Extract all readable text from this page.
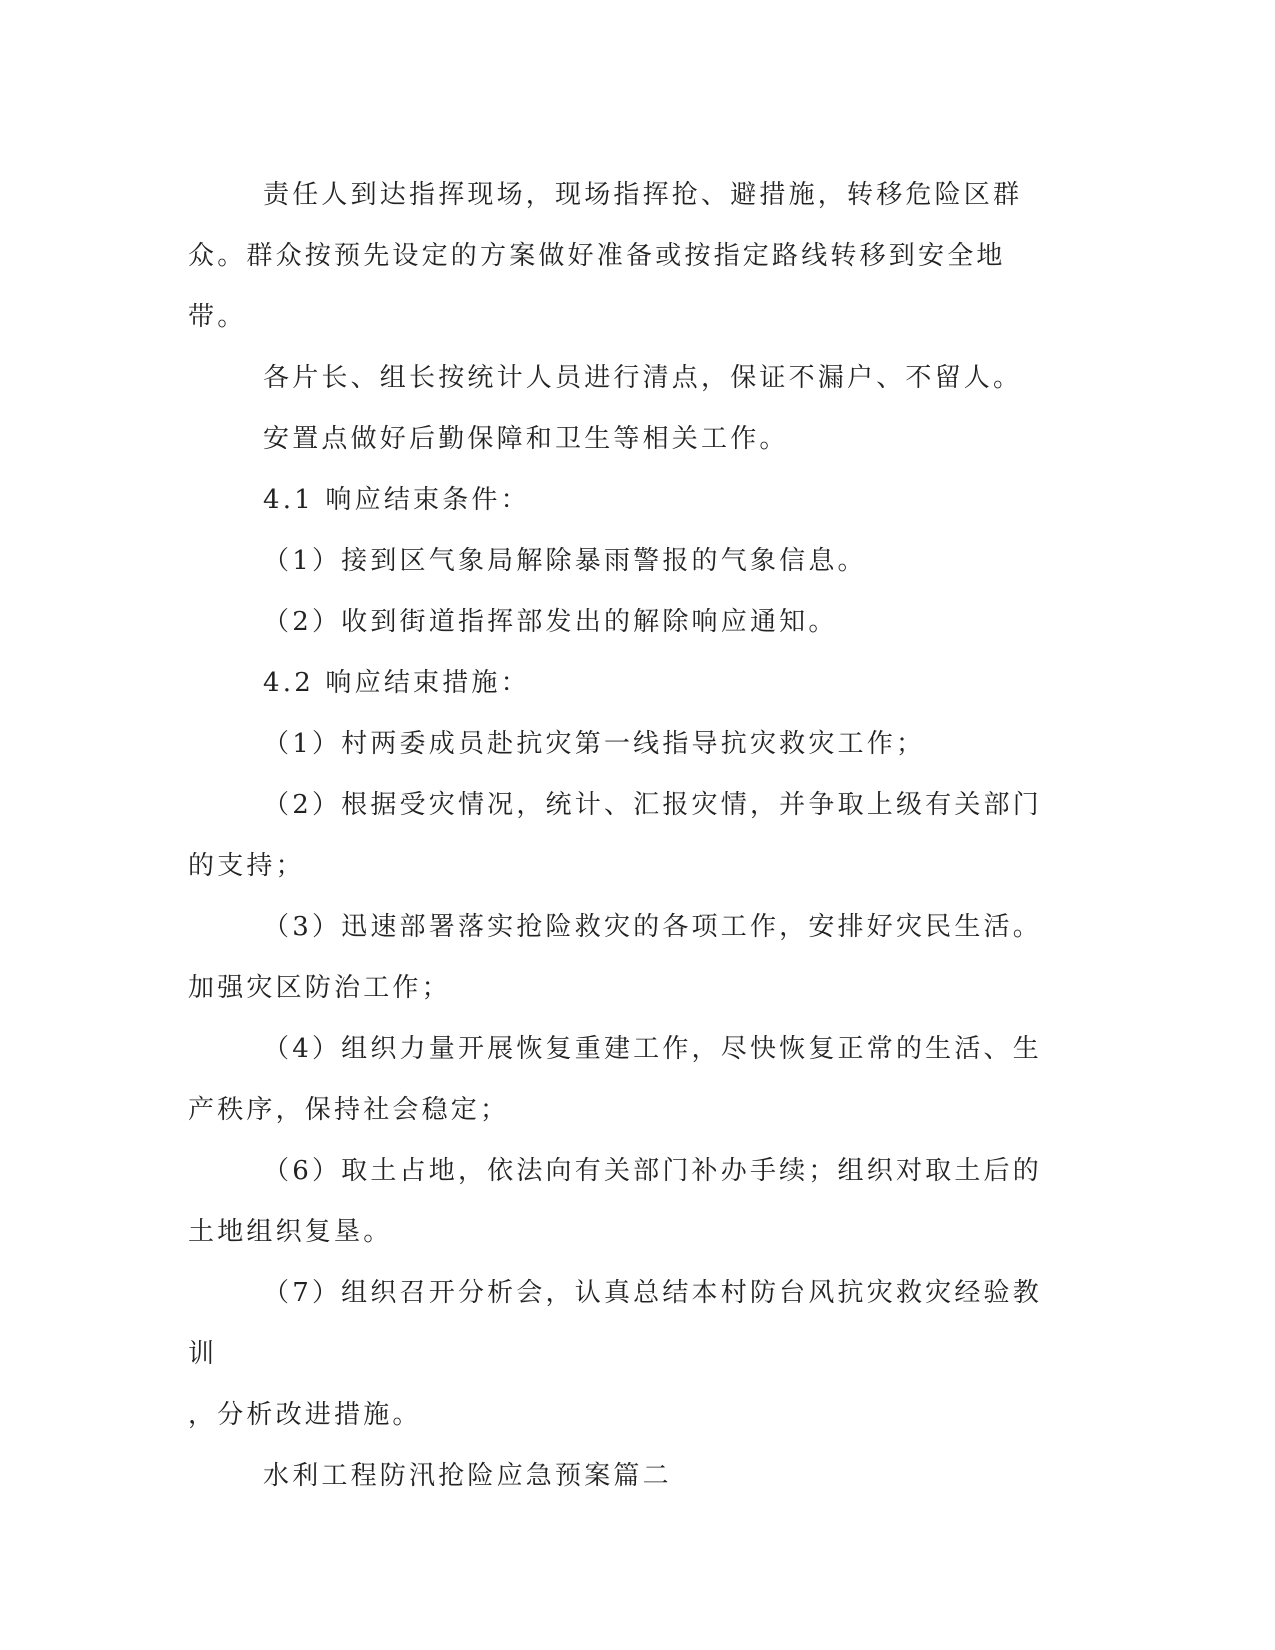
责任人到达指挥现场，现场指挥抢、避措施，转移危险区群众。群众按预先设定的方案做好准备或按指定路线转移到安全地带。

各片长、组长按统计人员进行清点，保证不漏户、不留人。

安置点做好后勤保障和卫生等相关工作。

4.1 响应结束条件：

（1）接到区气象局解除暴雨警报的气象信息。

（2）收到街道指挥部发出的解除响应通知。

4.2 响应结束措施：

（1）村两委成员赴抗灾第一线指导抗灾救灾工作；

（2）根据受灾情况，统计、汇报灾情，并争取上级有关部门的支持；

（3）迅速部署落实抢险救灾的各项工作，安排好灾民生活。加强灾区防治工作；

（4）组织力量开展恢复重建工作，尽快恢复正常的生活、生产秩序，保持社会稳定；

（6）取土占地，依法向有关部门补办手续；组织对取土后的土地组织复垦。

（7）组织召开分析会，认真总结本村防台风抗灾救灾经验教训

，分析改进措施。

水利工程防汛抢险应急预案篇二
